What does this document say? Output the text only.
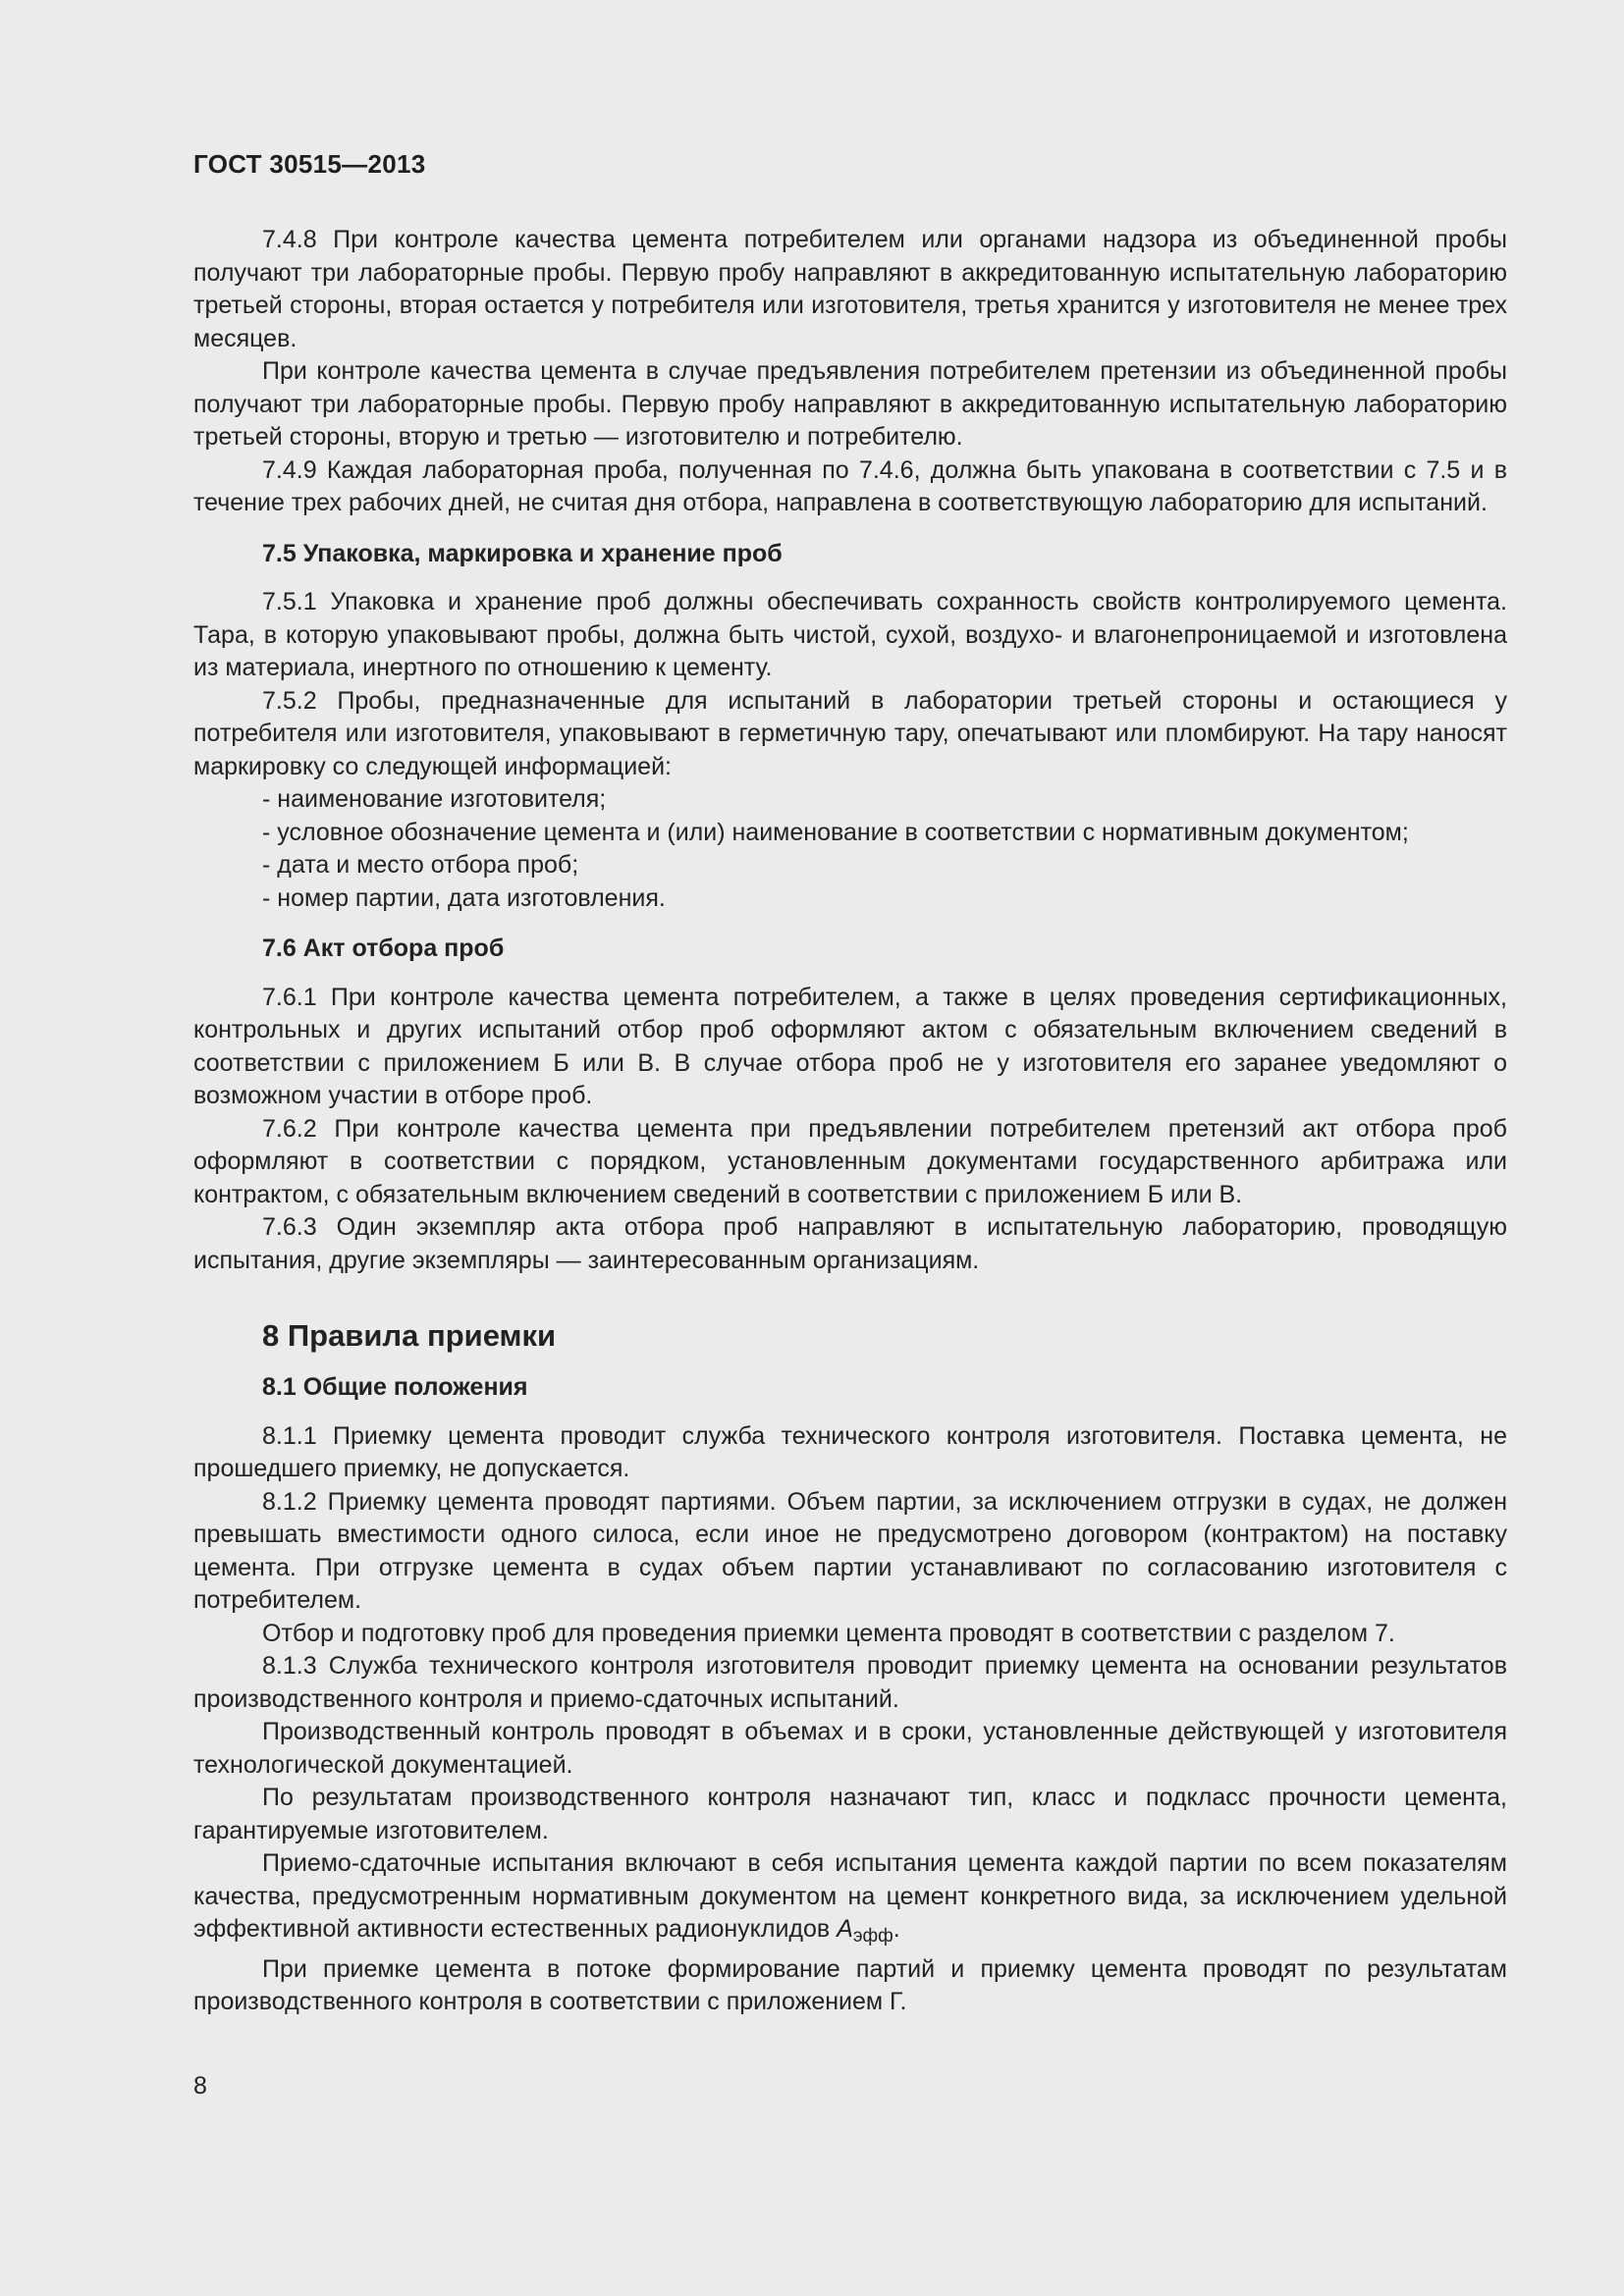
ГОСТ 30515—2013

7.4.8 При контроле качества цемента потребителем или органами надзора из объединенной пробы получают три лабораторные пробы. Первую пробу направляют в аккредитованную испытательную лабораторию третьей стороны, вторая остается у потребителя или изготовителя, третья хранится у изготовителя не менее трех месяцев.

При контроле качества цемента в случае предъявления потребителем претензии из объединенной пробы получают три лабораторные пробы. Первую пробу направляют в аккредитованную испытательную лабораторию третьей стороны, вторую и третью — изготовителю и потребителю.

7.4.9 Каждая лабораторная проба, полученная по 7.4.6, должна быть упакована в соответствии с 7.5 и в течение трех рабочих дней, не считая дня отбора, направлена в соответствующую лабораторию для испытаний.

7.5 Упаковка, маркировка и хранение проб

7.5.1 Упаковка и хранение проб должны обеспечивать сохранность свойств контролируемого цемента. Тара, в которую упаковывают пробы, должна быть чистой, сухой, воздухо- и влагонепроницаемой и изготовлена из материала, инертного по отношению к цементу.

7.5.2 Пробы, предназначенные для испытаний в лаборатории третьей стороны и остающиеся у потребителя или изготовителя, упаковывают в герметичную тару, опечатывают или пломбируют. На тару наносят маркировку со следующей информацией:

- наименование изготовителя;
- условное обозначение цемента и (или) наименование в соответствии с нормативным документом;
- дата и место отбора проб;
- номер партии, дата изготовления.
7.6 Акт отбора проб

7.6.1 При контроле качества цемента потребителем, а также в целях проведения сертификационных, контрольных и других испытаний отбор проб оформляют актом с обязательным включением сведений в соответствии с приложением Б или В. В случае отбора проб не у изготовителя его заранее уведомляют о возможном участии в отборе проб.

7.6.2 При контроле качества цемента при предъявлении потребителем претензий акт отбора проб оформляют в соответствии с порядком, установленным документами государственного арбитража или контрактом, с обязательным включением сведений в соответствии с приложением Б или В.

7.6.3 Один экземпляр акта отбора проб направляют в испытательную лабораторию, проводящую испытания, другие экземпляры — заинтересованным организациям.

8 Правила приемки
8.1 Общие положения

8.1.1 Приемку цемента проводит служба технического контроля изготовителя. Поставка цемента, не прошедшего приемку, не допускается.

8.1.2 Приемку цемента проводят партиями. Объем партии, за исключением отгрузки в судах, не должен превышать вместимости одного силоса, если иное не предусмотрено договором (контрактом) на поставку цемента. При отгрузке цемента в судах объем партии устанавливают по согласованию изготовителя с потребителем.

Отбор и подготовку проб для проведения приемки цемента проводят в соответствии с разделом 7.

8.1.3 Служба технического контроля изготовителя проводит приемку цемента на основании результатов производственного контроля и приемо-сдаточных испытаний.

Производственный контроль проводят в объемах и в сроки, установленные действующей у изготовителя технологической документацией.

По результатам производственного контроля назначают тип, класс и подкласс прочности цемента, гарантируемые изготовителем.

Приемо-сдаточные испытания включают в себя испытания цемента каждой партии по всем показателям качества, предусмотренным нормативным документом на цемент конкретного вида, за исключением удельной эффективной активности естественных радионуклидов $A_{эфф}$.

При приемке цемента в потоке формирование партий и приемку цемента проводят по результатам производственного контроля в соответствии с приложением Г.

8
